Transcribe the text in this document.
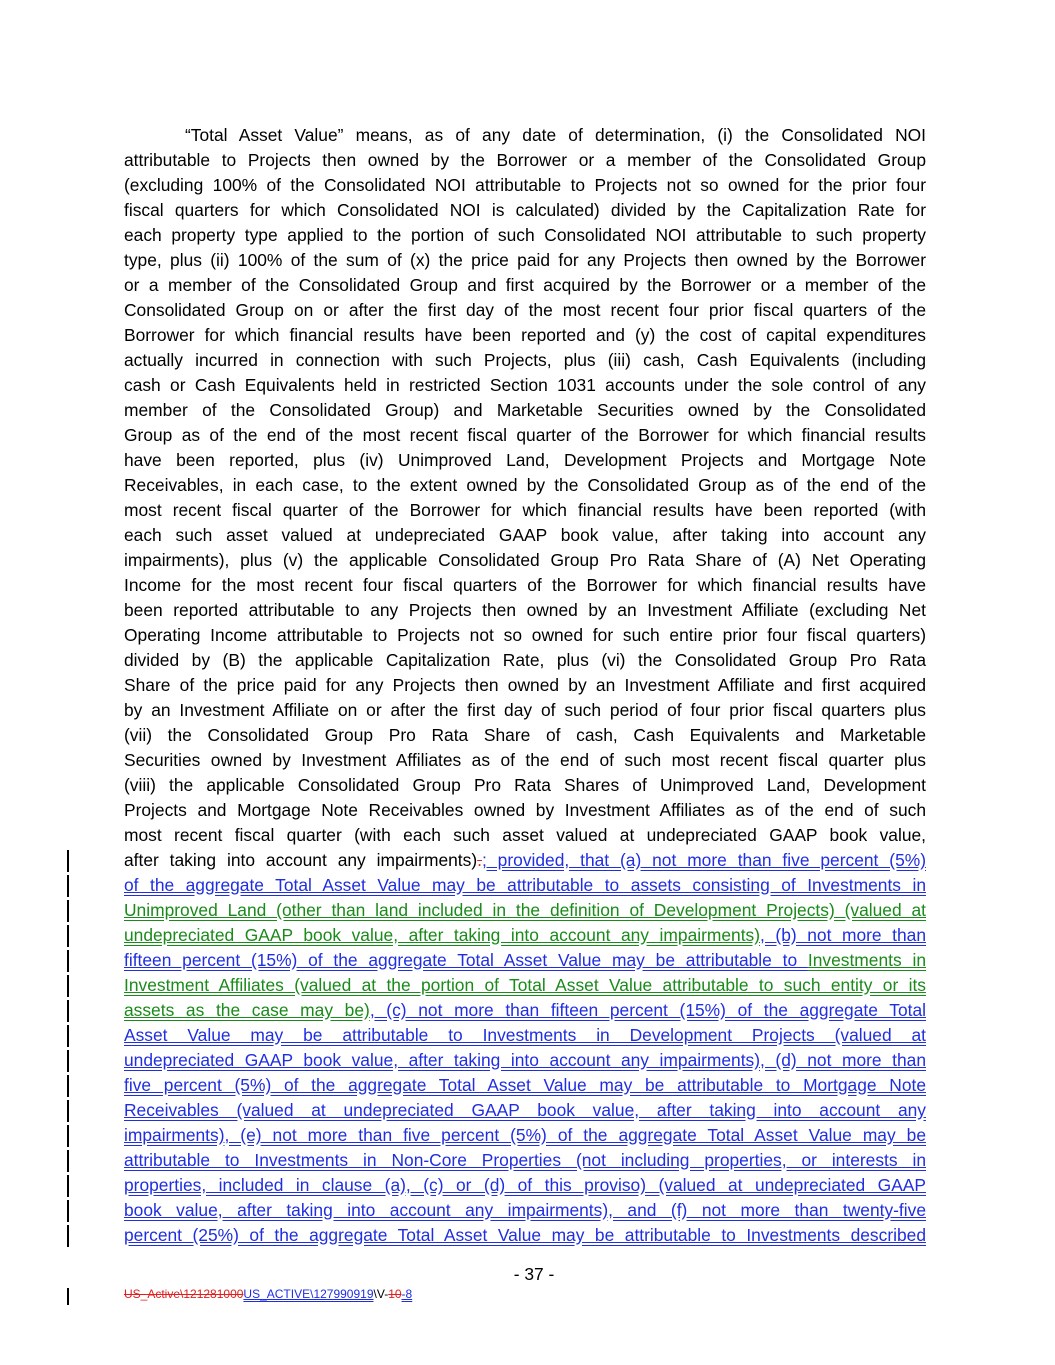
“Total Asset Value” means, as of any date of determination, (i) the Consolidated NOI
attributable to Projects then owned by the Borrower or a member of the Consolidated Group
(excluding 100% of the Consolidated NOI attributable to Projects not so owned for the prior four
fiscal quarters for which Consolidated NOI is calculated) divided by the Capitalization Rate for
each property type applied to the portion of such Consolidated NOI attributable to such property
type, plus (ii) 100% of the sum of (x) the price paid for any Projects then owned by the Borrower
or a member of the Consolidated Group and first acquired by the Borrower or a member of the
Consolidated Group on or after the first day of the most recent four prior fiscal quarters of the
Borrower for which financial results have been reported and (y) the cost of capital expenditures
actually incurred in connection with such Projects, plus (iii) cash, Cash Equivalents (including
cash or Cash Equivalents held in restricted Section 1031 accounts under the sole control of any
member of the Consolidated Group) and Marketable Securities owned by the Consolidated
Group as of the end of the most recent fiscal quarter of the Borrower for which financial results
have been reported, plus (iv) Unimproved Land, Development Projects and Mortgage Note
Receivables, in each case, to the extent owned by the Consolidated Group as of the end of the
most recent fiscal quarter of the Borrower for which financial results have been reported (with
each such asset valued at undepreciated GAAP book value, after taking into account any
impairments), plus (v) the applicable Consolidated Group Pro Rata Share of (A) Net Operating
Income for the most recent four fiscal quarters of the Borrower for which financial results have
been reported attributable to any Projects then owned by an Investment Affiliate (excluding Net
Operating Income attributable to Projects not so owned for such entire prior four fiscal quarters)
divided by (B) the applicable Capitalization Rate, plus (vi) the Consolidated Group Pro Rata
Share of the price paid for any Projects then owned by an Investment Affiliate and first acquired
by an Investment Affiliate on or after the first day of such period of four prior fiscal quarters plus
(vii) the Consolidated Group Pro Rata Share of cash, Cash Equivalents and Marketable
Securities owned by Investment Affiliates as of the end of such most recent fiscal quarter plus
(viii) the applicable Consolidated Group Pro Rata Shares of Unimproved Land, Development
Projects and Mortgage Note Receivables owned by Investment Affiliates as of the end of such
most recent fiscal quarter (with each such asset valued at undepreciated GAAP book value,
after taking into account any impairments).; provided, that (a) not more than five percent (5%)
of the aggregate Total Asset Value may be attributable to assets consisting of Investments in
Unimproved Land (other than land included in the definition of Development Projects) (valued at
undepreciated GAAP book value, after taking into account any impairments), (b) not more than
fifteen percent (15%) of the aggregate Total Asset Value may be attributable to Investments in
Investment Affiliates (valued at the portion of Total Asset Value attributable to such entity or its
assets as the case may be), (c) not more than fifteen percent (15%) of the aggregate Total
Asset Value may be attributable to Investments in Development Projects (valued at
undepreciated GAAP book value, after taking into account any impairments), (d) not more than
five percent (5%) of the aggregate Total Asset Value may be attributable to Mortgage Note
Receivables (valued at undepreciated GAAP book value, after taking into account any
impairments), (e) not more than five percent (5%) of the aggregate Total Asset Value may be
attributable to Investments in Non-Core Properties (not including properties, or interests in
properties, included in clause (a), (c) or (d) of this proviso) (valued at undepreciated GAAP
book value, after taking into account any impairments), and (f) not more than twenty-five
percent (25%) of the aggregate Total Asset Value may be attributable to Investments described
- 37 -
US_Active\121281000US_ACTIVE\127990919\V-10-8
